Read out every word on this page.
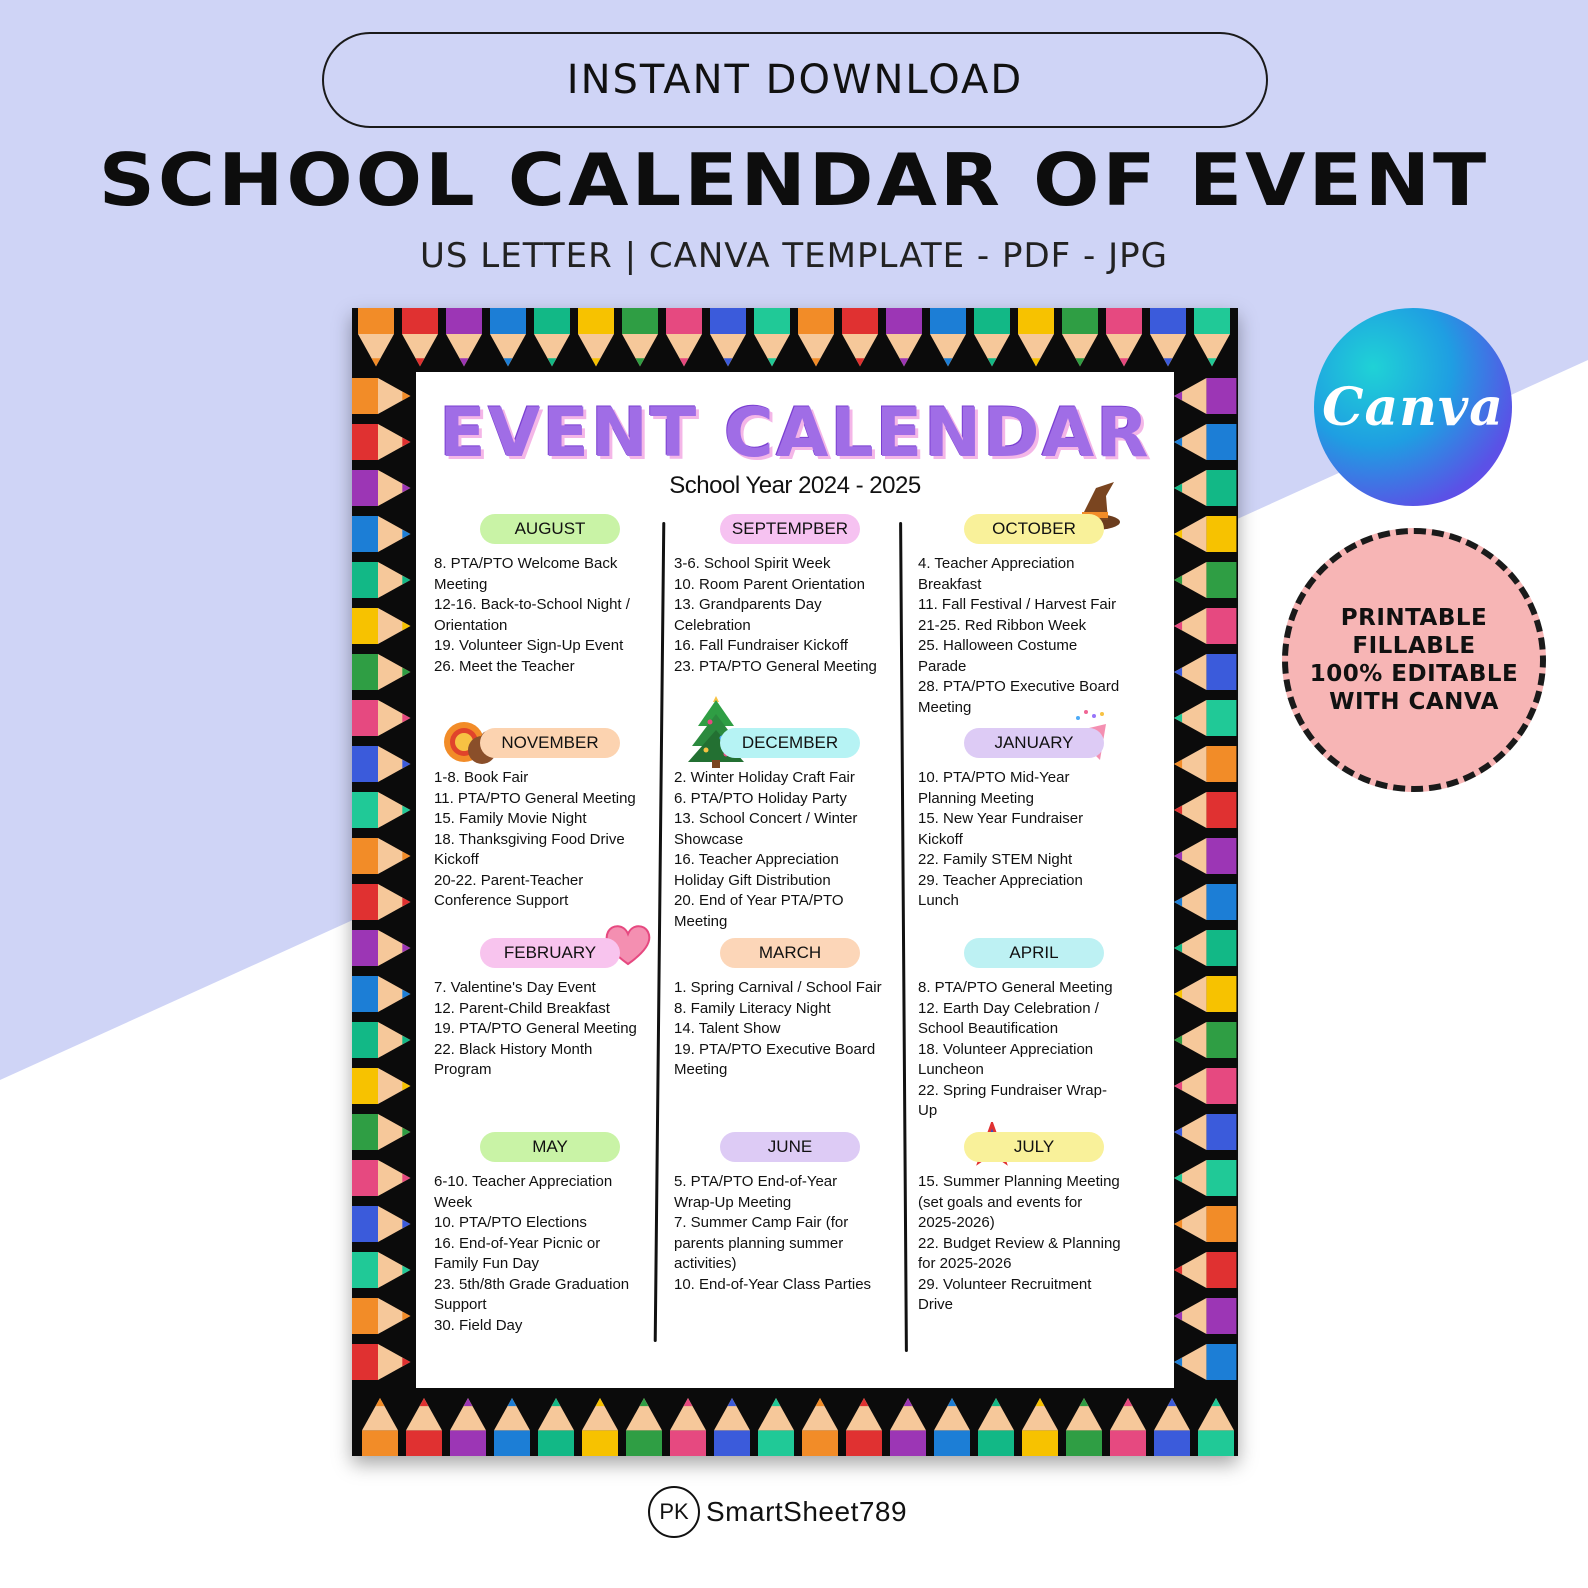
INSTANT DOWNLOAD
SCHOOL CALENDAR OF EVENT
US LETTER | CANVA TEMPLATE - PDF - JPG
EVENT CALENDAR
School Year 2024 - 2025
AUGUST
8. PTA/PTO Welcome Back
Meeting
12-16. Back-to-School Night /
Orientation
19. Volunteer Sign-Up Event
26. Meet the Teacher
SEPTEMPBER
3-6. School Spirit Week
10. Room Parent Orientation
13. Grandparents Day
Celebration
16. Fall Fundraiser Kickoff
23. PTA/PTO General Meeting
OCTOBER
4. Teacher Appreciation
Breakfast
11. Fall Festival / Harvest Fair
21-25. Red Ribbon Week
25. Halloween Costume
Parade
28. PTA/PTO Executive Board
Meeting
NOVEMBER
1-8. Book Fair
11. PTA/PTO General Meeting
15. Family Movie Night
18. Thanksgiving Food Drive
Kickoff
20-22. Parent-Teacher
Conference Support
DECEMBER
2. Winter Holiday Craft Fair
6. PTA/PTO Holiday Party
13. School Concert / Winter
Showcase
16. Teacher Appreciation
Holiday Gift Distribution
20. End of Year PTA/PTO
Meeting
JANUARY
10. PTA/PTO Mid-Year
Planning Meeting
15. New Year Fundraiser
Kickoff
22. Family STEM Night
29. Teacher Appreciation
Lunch
FEBRUARY
7. Valentine's Day Event
12. Parent-Child Breakfast
19. PTA/PTO General Meeting
22. Black History Month
Program
MARCH
1. Spring Carnival / School Fair
8. Family Literacy Night
14. Talent Show
19. PTA/PTO Executive Board
Meeting
APRIL
8. PTA/PTO General Meeting
12. Earth Day Celebration /
School Beautification
18. Volunteer Appreciation
Luncheon
22. Spring Fundraiser Wrap-
Up
MAY
6-10. Teacher Appreciation
Week
10. PTA/PTO Elections
16. End-of-Year Picnic or
Family Fun Day
23. 5th/8th Grade Graduation
Support
30. Field Day
JUNE
5. PTA/PTO End-of-Year
Wrap-Up Meeting
7. Summer Camp Fair (for
parents planning summer
activities)
10. End-of-Year Class Parties
JULY
15. Summer Planning Meeting
(set goals and events for
2025-2026)
22. Budget Review & Planning
for 2025-2026
29. Volunteer Recruitment
Drive
Canva
PRINTABLE
FILLABLE
100% EDITABLE
WITH CANVA
PK SmartSheet789
